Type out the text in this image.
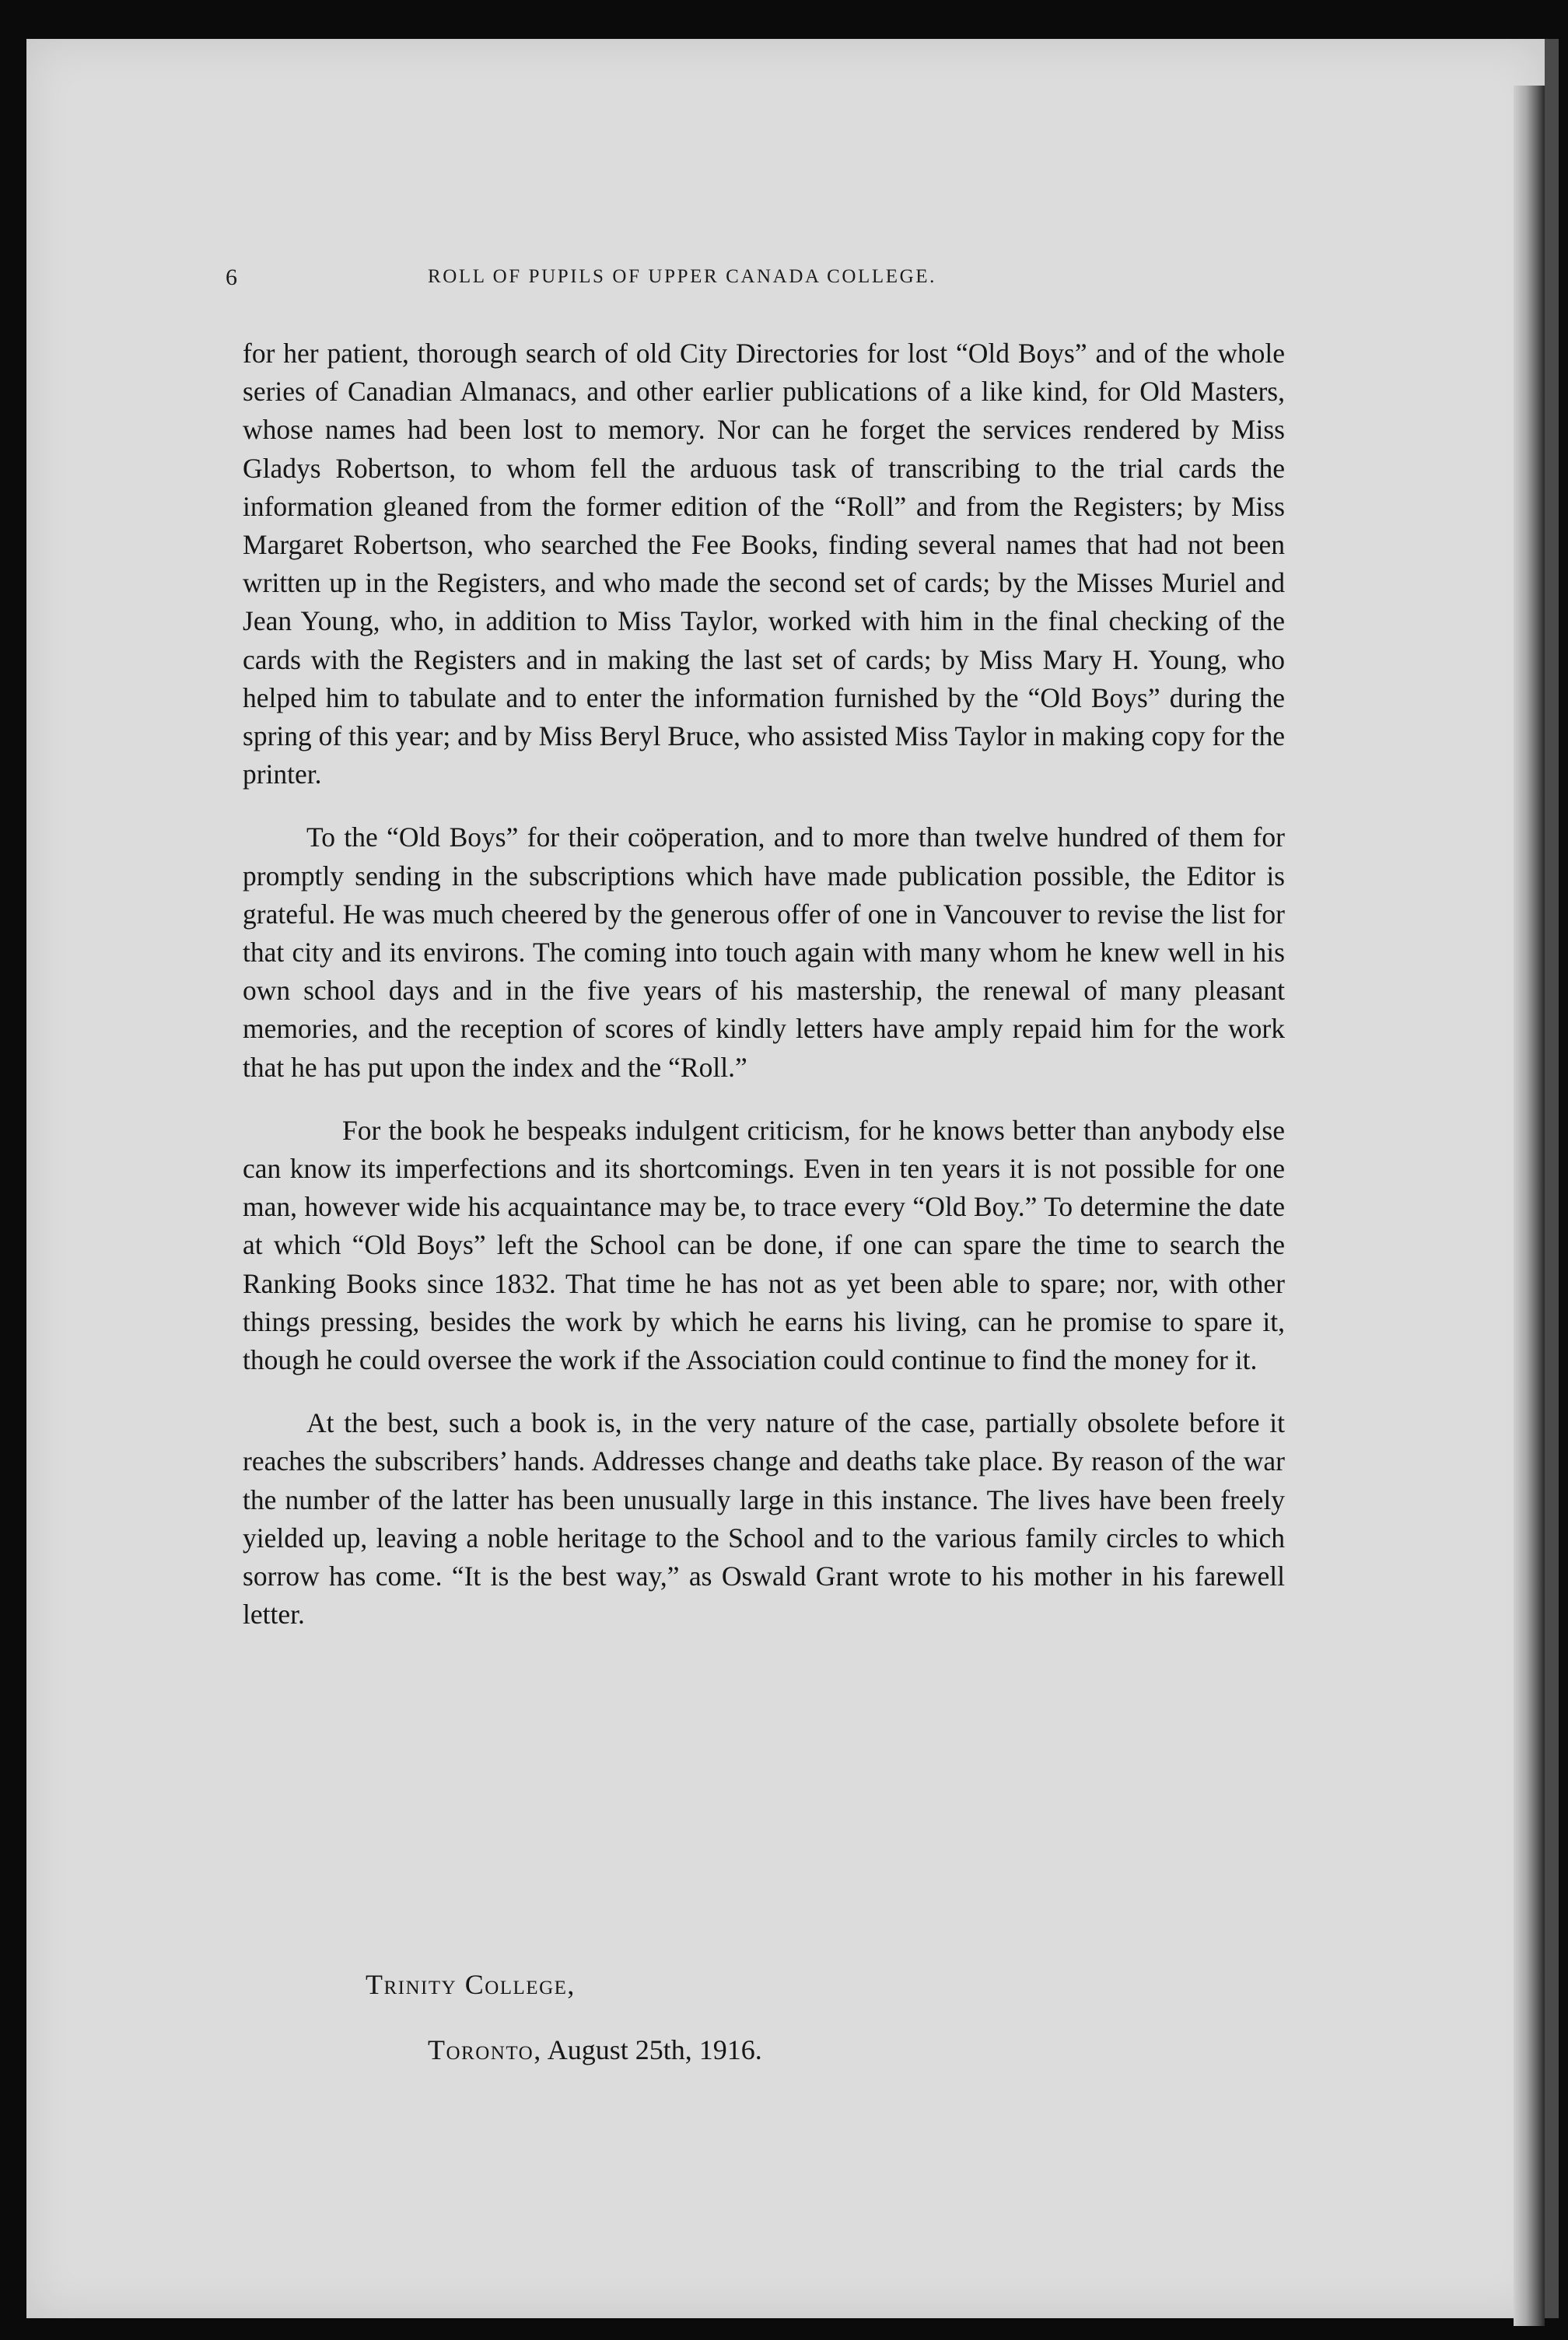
6	ROLL OF PUPILS OF UPPER CANADA COLLEGE.

for her patient, thorough search of old City Directories for lost “Old Boys” and of the whole series of Canadian Almanacs, and other earlier publications of a like kind, for Old Masters, whose names had been lost to memory. Nor can he forget the services rendered by Miss Gladys Robertson, to whom fell the arduous task of transcribing to the trial cards the information gleaned from the former edition of the “Roll” and from the Registers; by Miss Margaret Robertson, who searched the Fee Books, finding several names that had not been written up in the Registers, and who made the second set of cards; by the Misses Muriel and Jean Young, who, in addition to Miss Taylor, worked with him in the final checking of the cards with the Registers and in making the last set of cards; by Miss Mary H. Young, who helped him to tabulate and to enter the information furnished by the “Old Boys” during the spring of this year; and by Miss Beryl Bruce, who assisted Miss Taylor in making copy for the printer.

To the “Old Boys” for their coöperation, and to more than twelve hundred of them for promptly sending in the subscriptions which have made publication possible, the Editor is grateful. He was much cheered by the generous offer of one in Vancouver to revise the list for that city and its environs. The coming into touch again with many whom he knew well in his own school days and in the five years of his mastership, the renewal of many pleasant memories, and the reception of scores of kindly letters have amply repaid him for the work that he has put upon the index and the “Roll.”

For the book he bespeaks indulgent criticism, for he knows better than anybody else can know its imperfections and its shortcomings. Even in ten years it is not possible for one man, however wide his acquaintance may be, to trace every “Old Boy.” To determine the date at which “Old Boys” left the School can be done, if one can spare the time to search the Ranking Books since 1832. That time he has not as yet been able to spare; nor, with other things pressing, besides the work by which he earns his living, can he promise to spare it, though he could oversee the work if the Association could continue to find the money for it.

At the best, such a book is, in the very nature of the case, partially obsolete before it reaches the subscribers’ hands. Addresses change and deaths take place. By reason of the war the number of the latter has been unusually large in this instance. The lives have been freely yielded up, leaving a noble heritage to the School and to the various family circles to which sorrow has come. “It is the best way,” as Oswald Grant wrote to his mother in his farewell letter.

Trinity College,
Toronto, August 25th, 1916.
